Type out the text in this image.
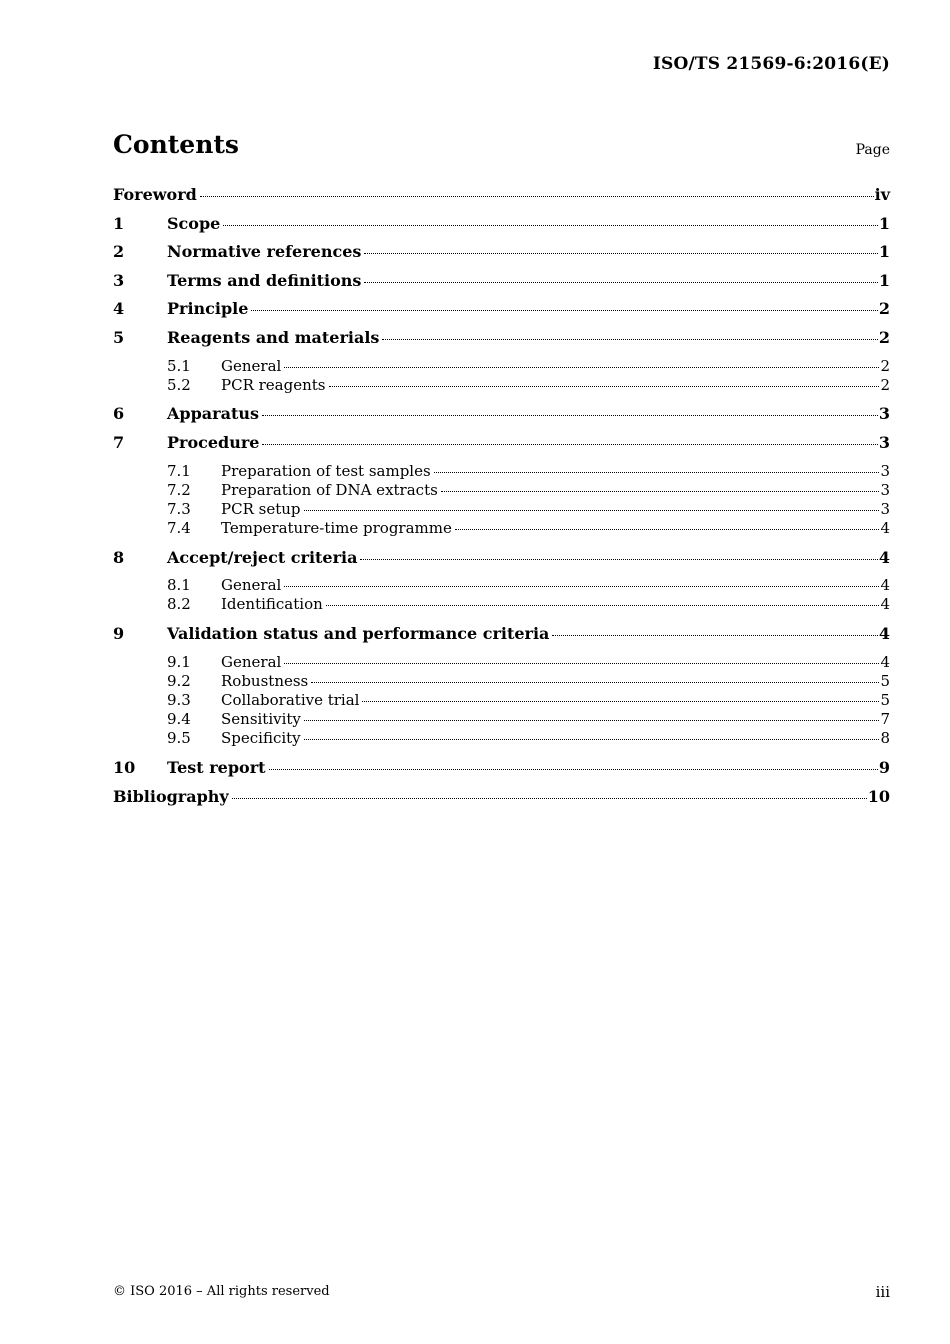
ISO/TS 21569-6:2016(E)
Contents	Page
Foreword	iv
1	Scope	1
2	Normative references	1
3	Terms and definitions	1
4	Principle	2
5	Reagents and materials	2
5.1	General	2
5.2	PCR reagents	2
6	Apparatus	3
7	Procedure	3
7.1	Preparation of test samples	3
7.2	Preparation of DNA extracts	3
7.3	PCR setup	3
7.4	Temperature-time programme	4
8	Accept/reject criteria	4
8.1	General	4
8.2	Identification	4
9	Validation status and performance criteria	4
9.1	General	4
9.2	Robustness	5
9.3	Collaborative trial	5
9.4	Sensitivity	7
9.5	Specificity	8
10	Test report	9
Bibliography	10
© ISO 2016 – All rights reserved	iii
